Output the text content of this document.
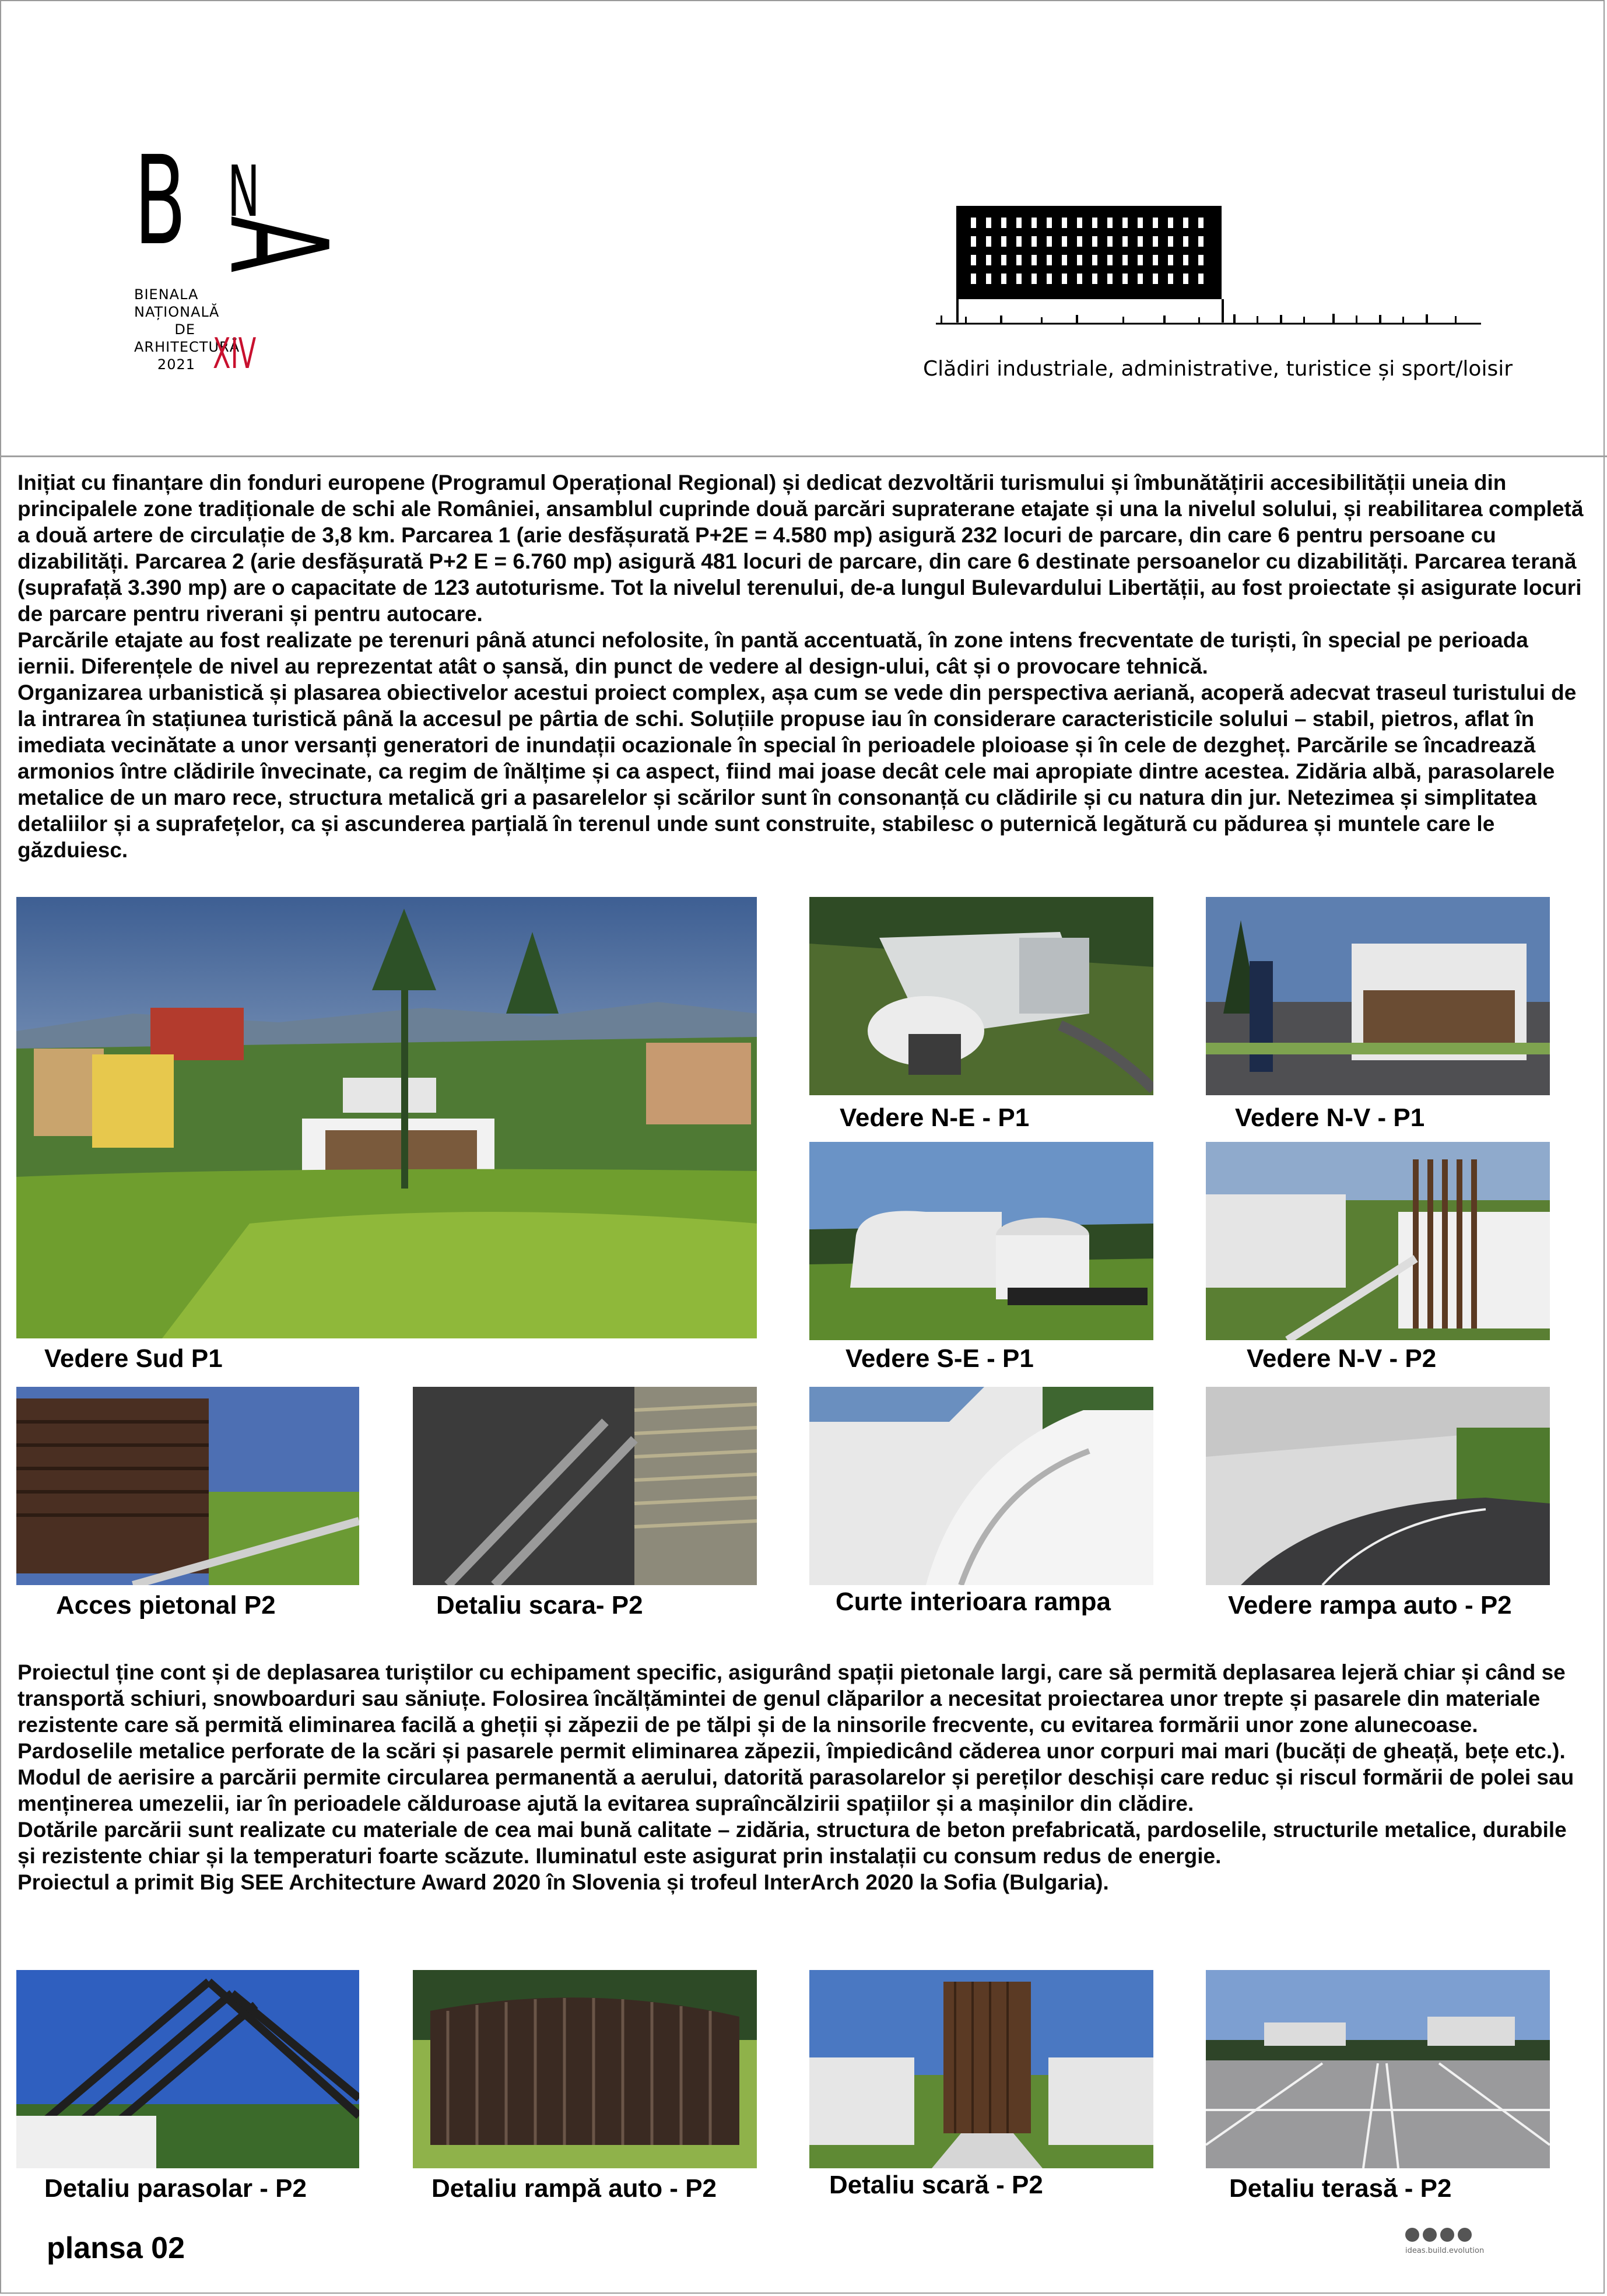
B N
A
BIENALA
NAȚIONALĂ
DE
ARHITECTURĂ
2021 XIV	Clădiri industriale, administrative, turistice și sport/loisir

Inițiat cu finanțare din fonduri europene (Programul Operațional Regional) și dedicat dezvoltării turismului și îmbunătățirii accesibilității uneia din principalele zone tradiționale de schi ale României, ansamblul cuprinde două parcări supraterane etajate și una la nivelul solului, și reabilitarea completă a două artere de circulație de 3,8 km. Parcarea 1 (arie desfășurată P+2E = 4.580 mp) asigură 232 locuri de parcare, din care 6 pentru persoane cu dizabilități. Parcarea 2 (arie desfășurată P+2 E = 6.760 mp) asigură 481 locuri de parcare, din care 6 destinate persoanelor cu dizabilități. Parcarea terană (suprafață 3.390 mp) are o capacitate de 123 autoturisme. Tot la nivelul terenului, de-a lungul Bulevardului Libertății, au fost proiectate și asigurate locuri de parcare pentru riverani și pentru autocare.

Parcările etajate au fost realizate pe terenuri până atunci nefolosite, în pantă accentuată, în zone intens frecventate de turiști, în special pe perioada iernii. Diferențele de nivel au reprezentat atât o șansă, din punct de vedere al design-ului, cât și o provocare tehnică.

Organizarea urbanistică și plasarea obiectivelor acestui proiect complex, așa cum se vede din perspectiva aeriană, acoperă adecvat traseul turistului de la intrarea în stațiunea turistică până la accesul pe pârtia de schi. Soluțiile propuse iau în considerare caracteristicile solului – stabil, pietros, aflat în imediata vecinătate a unor versanți generatori de inundații ocazionale în special în perioadele ploioase și în cele de dezgheț. Parcările se încadrează armonios între clădirile învecinate, ca regim de înălțime și ca aspect, fiind mai joase decât cele mai apropiate dintre acestea. Zidăria albă, parasolarele metalice de un maro rece, structura metalică gri a pasarelelor și scărilor sunt în consonanță cu clădirile și cu natura din jur. Netezimea și simplitatea detaliilor și a suprafețelor, ca și ascunderea parțială în terenul unde sunt construite, stabilesc o puternică legătură cu pădurea și muntele care le găzduiesc.

Vedere Sud P1
Vedere N-E - P1	Vedere N-V - P1
Vedere S-E - P1	Vedere N-V - P2
Acces pietonal P2	Detaliu scara- P2	Curte interioara rampa	Vedere rampa auto - P2

Proiectul ține cont și de deplasarea turiștilor cu echipament specific, asigurând spații pietonale largi, care să permită deplasarea lejeră chiar și când se transportă schiuri, snowboarduri sau săniuțe. Folosirea încălțămintei de genul clăparilor a necesitat proiectarea unor trepte și pasarele din materiale rezistente care să permită eliminarea facilă a gheții și zăpezii de pe tălpi și de la ninsorile frecvente, cu evitarea formării unor zone alunecoase. Pardoselile metalice perforate de la scări și pasarele permit eliminarea zăpezii, împiedicând căderea unor corpuri mai mari (bucăți de gheață, bețe etc.). Modul de aerisire a parcării permite circularea permanentă a aerului, datorită parasolarelor și pereților deschiși care reduc și riscul formării de polei sau menținerea umezelii, iar în perioadele călduroase ajută la evitarea supraîncălzirii spațiilor și a mașinilor din clădire.

Dotările parcării sunt realizate cu materiale de cea mai bună calitate – zidăria, structura de beton prefabricată, pardoselile, structurile metalice, durabile și rezistente chiar și la temperaturi foarte scăzute. Iluminatul este asigurat prin instalații cu consum redus de energie.

Proiectul a primit Big SEE Architecture Award 2020 în Slovenia și trofeul InterArch 2020 la Sofia (Bulgaria).

Detaliu parasolar - P2	Detaliu rampă auto - P2	Detaliu scară - P2	Detaliu terasă - P2
plansa 02	ideas.build.evolution
